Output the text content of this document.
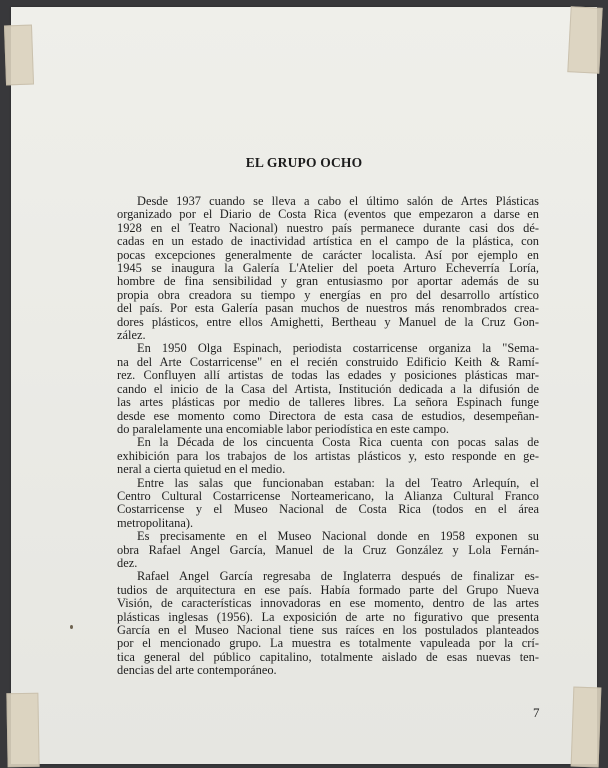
EL GRUPO OCHO
Desde 1937 cuando se lleva a cabo el último salón de Artes Plásticas
organizado por el Diario de Costa Rica (eventos que empezaron a darse en
1928 en el Teatro Nacional) nuestro país permanece durante casi dos dé-
cadas en un estado de inactividad artística en el campo de la plástica, con
pocas excepciones generalmente de carácter localista. Así por ejemplo en
1945 se inaugura la Galería L'Atelier del poeta Arturo Echeverría Loría,
hombre de fina sensibilidad y gran entusiasmo por aportar además de su
propia obra creadora su tiempo y energías en pro del desarrollo artístico
del país. Por esta Galería pasan muchos de nuestros más renombrados crea-
dores plásticos, entre ellos Amighetti, Bertheau y Manuel de la Cruz Gon-
zález.
En 1950 Olga Espinach, periodista costarricense organiza la "Sema-
na del Arte Costarricense" en el recién construido Edificio Keith & Ramí-
rez. Confluyen allí artistas de todas las edades y posiciones plásticas mar-
cando el inicio de la Casa del Artista, Institución dedicada a la difusión de
las artes plásticas por medio de talleres libres. La señora Espinach funge
desde ese momento como Directora de esta casa de estudios, desempeñan-
do paralelamente una encomiable labor periodística en este campo.
En la Década de los cincuenta Costa Rica cuenta con pocas salas de
exhibición para los trabajos de los artistas plásticos y, esto responde en ge-
neral a cierta quietud en el medio.
Entre las salas que funcionaban estaban: la del Teatro Arlequín, el
Centro Cultural Costarricense Norteamericano, la Alianza Cultural Franco
Costarricense y el Museo Nacional de Costa Rica (todos en el área
metropolitana).
Es precisamente en el Museo Nacional donde en 1958 exponen su
obra Rafael Angel García, Manuel de la Cruz González y Lola Fernán-
dez.
Rafael Angel García regresaba de Inglaterra después de finalizar es-
tudios de arquitectura en ese país. Había formado parte del Grupo Nueva
Visión, de características innovadoras en ese momento, dentro de las artes
plásticas inglesas (1956). La exposición de arte no figurativo que presenta
García en el Museo Nacional tiene sus raíces en los postulados planteados
por el mencionado grupo. La muestra es totalmente vapuleada por la crí-
tica general del público capitalino, totalmente aislado de esas nuevas ten-
dencias del arte contemporáneo.
7
